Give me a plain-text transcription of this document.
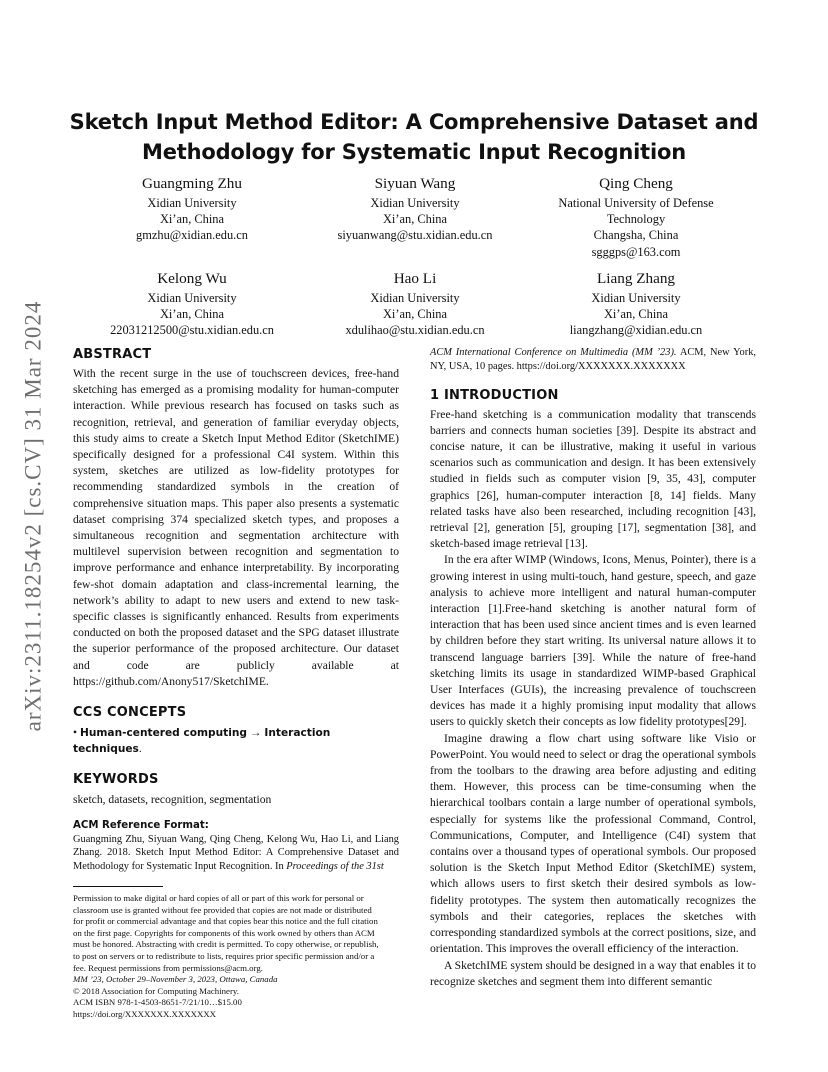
arXiv:2311.18254v2 [cs.CV] 31 Mar 2024
Sketch Input Method Editor: A Comprehensive Dataset and
Methodology for Systematic Input Recognition
Guangming Zhu
Xidian University
Xi’an, China
gmzhu@xidian.edu.cn
Siyuan Wang
Xidian University
Xi’an, China
siyuanwang@stu.xidian.edu.cn
Qing Cheng
National University of Defense
Technology
Changsha, China
sgggps@163.com
Kelong Wu
Xidian University
Xi’an, China
22031212500@stu.xidian.edu.cn
Hao Li
Xidian University
Xi’an, China
xdulihao@stu.xidian.edu.cn
Liang Zhang
Xidian University
Xi’an, China
liangzhang@xidian.edu.cn
ABSTRACT

With the recent surge in the use of touchscreen devices, free-hand sketching has emerged as a promising modality for human-computer interaction. While previous research has focused on tasks such as recognition, retrieval, and generation of familiar everyday objects, this study aims to create a Sketch Input Method Editor (SketchIME) specifically designed for a professional C4I system. Within this system, sketches are utilized as low-fidelity prototypes for recommending standardized symbols in the creation of comprehensive situation maps. This paper also presents a systematic dataset comprising 374 specialized sketch types, and proposes a simultaneous recognition and segmentation architecture with multilevel supervision between recognition and segmentation to improve performance and enhance interpretability. By incorporating few-shot domain adaptation and class-incremental learning, the network’s ability to adapt to new users and extend to new task-specific classes is significantly enhanced. Results from experiments conducted on both the proposed dataset and the SPG dataset illustrate the superior performance of the proposed architecture. Our dataset and code are publicly available at https://github.com/Anony517/SketchIME.

CCS CONCEPTS

• Human-centered computing → Interaction techniques.

KEYWORDS

sketch, datasets, recognition, segmentation

ACM Reference Format:

Guangming Zhu, Siyuan Wang, Qing Cheng, Kelong Wu, Hao Li, and Liang Zhang. 2018. Sketch Input Method Editor: A Comprehensive Dataset and Methodology for Systematic Input Recognition. In Proceedings of the 31st

Permission to make digital or hard copies of all or part of this work for personal or
classroom use is granted without fee provided that copies are not made or distributed
for profit or commercial advantage and that copies bear this notice and the full citation
on the first page. Copyrights for components of this work owned by others than ACM
must be honored. Abstracting with credit is permitted. To copy otherwise, or republish,
to post on servers or to redistribute to lists, requires prior specific permission and/or a
fee. Request permissions from permissions@acm.org.
MM ’23, October 29–November 3, 2023, Ottawa, Canada
© 2018 Association for Computing Machinery.
ACM ISBN 978-1-4503-8651-7/21/10…$15.00
https://doi.org/XXXXXXX.XXXXXXX

ACM International Conference on Multimedia (MM ’23). ACM, New York, NY, USA, 10 pages. https://doi.org/XXXXXXX.XXXXXXX

1 INTRODUCTION

Free-hand sketching is a communication modality that transcends barriers and connects human societies [39]. Despite its abstract and concise nature, it can be illustrative, making it useful in various scenarios such as communication and design. It has been extensively studied in fields such as computer vision [9, 35, 43], computer graphics [26], human-computer interaction [8, 14] fields. Many related tasks have also been researched, including recognition [43], retrieval [2], generation [5], grouping [17], segmentation [38], and sketch-based image retrieval [13].

In the era after WIMP (Windows, Icons, Menus, Pointer), there is a growing interest in using multi-touch, hand gesture, speech, and gaze analysis to achieve more intelligent and natural human-computer interaction [1].Free-hand sketching is another natural form of interaction that has been used since ancient times and is even learned by children before they start writing. Its universal nature allows it to transcend language barriers [39]. While the nature of free-hand sketching limits its usage in standardized WIMP-based Graphical User Interfaces (GUIs), the increasing prevalence of touchscreen devices has made it a highly promising input modality that allows users to quickly sketch their concepts as low fidelity prototypes[29].

Imagine drawing a flow chart using software like Visio or PowerPoint. You would need to select or drag the operational symbols from the toolbars to the drawing area before adjusting and editing them. However, this process can be time-consuming when the hierarchical toolbars contain a large number of operational symbols, especially for systems like the professional Command, Control, Communications, Computer, and Intelligence (C4I) system that contains over a thousand types of operational symbols. Our proposed solution is the Sketch Input Method Editor (SketchIME) system, which allows users to first sketch their desired symbols as low-fidelity prototypes. The system then automatically recognizes the symbols and their categories, replaces the sketches with corresponding standardized symbols at the correct positions, size, and orientation. This improves the overall efficiency of the interaction.

A SketchIME system should be designed in a way that enables it to recognize sketches and segment them into different semantic
